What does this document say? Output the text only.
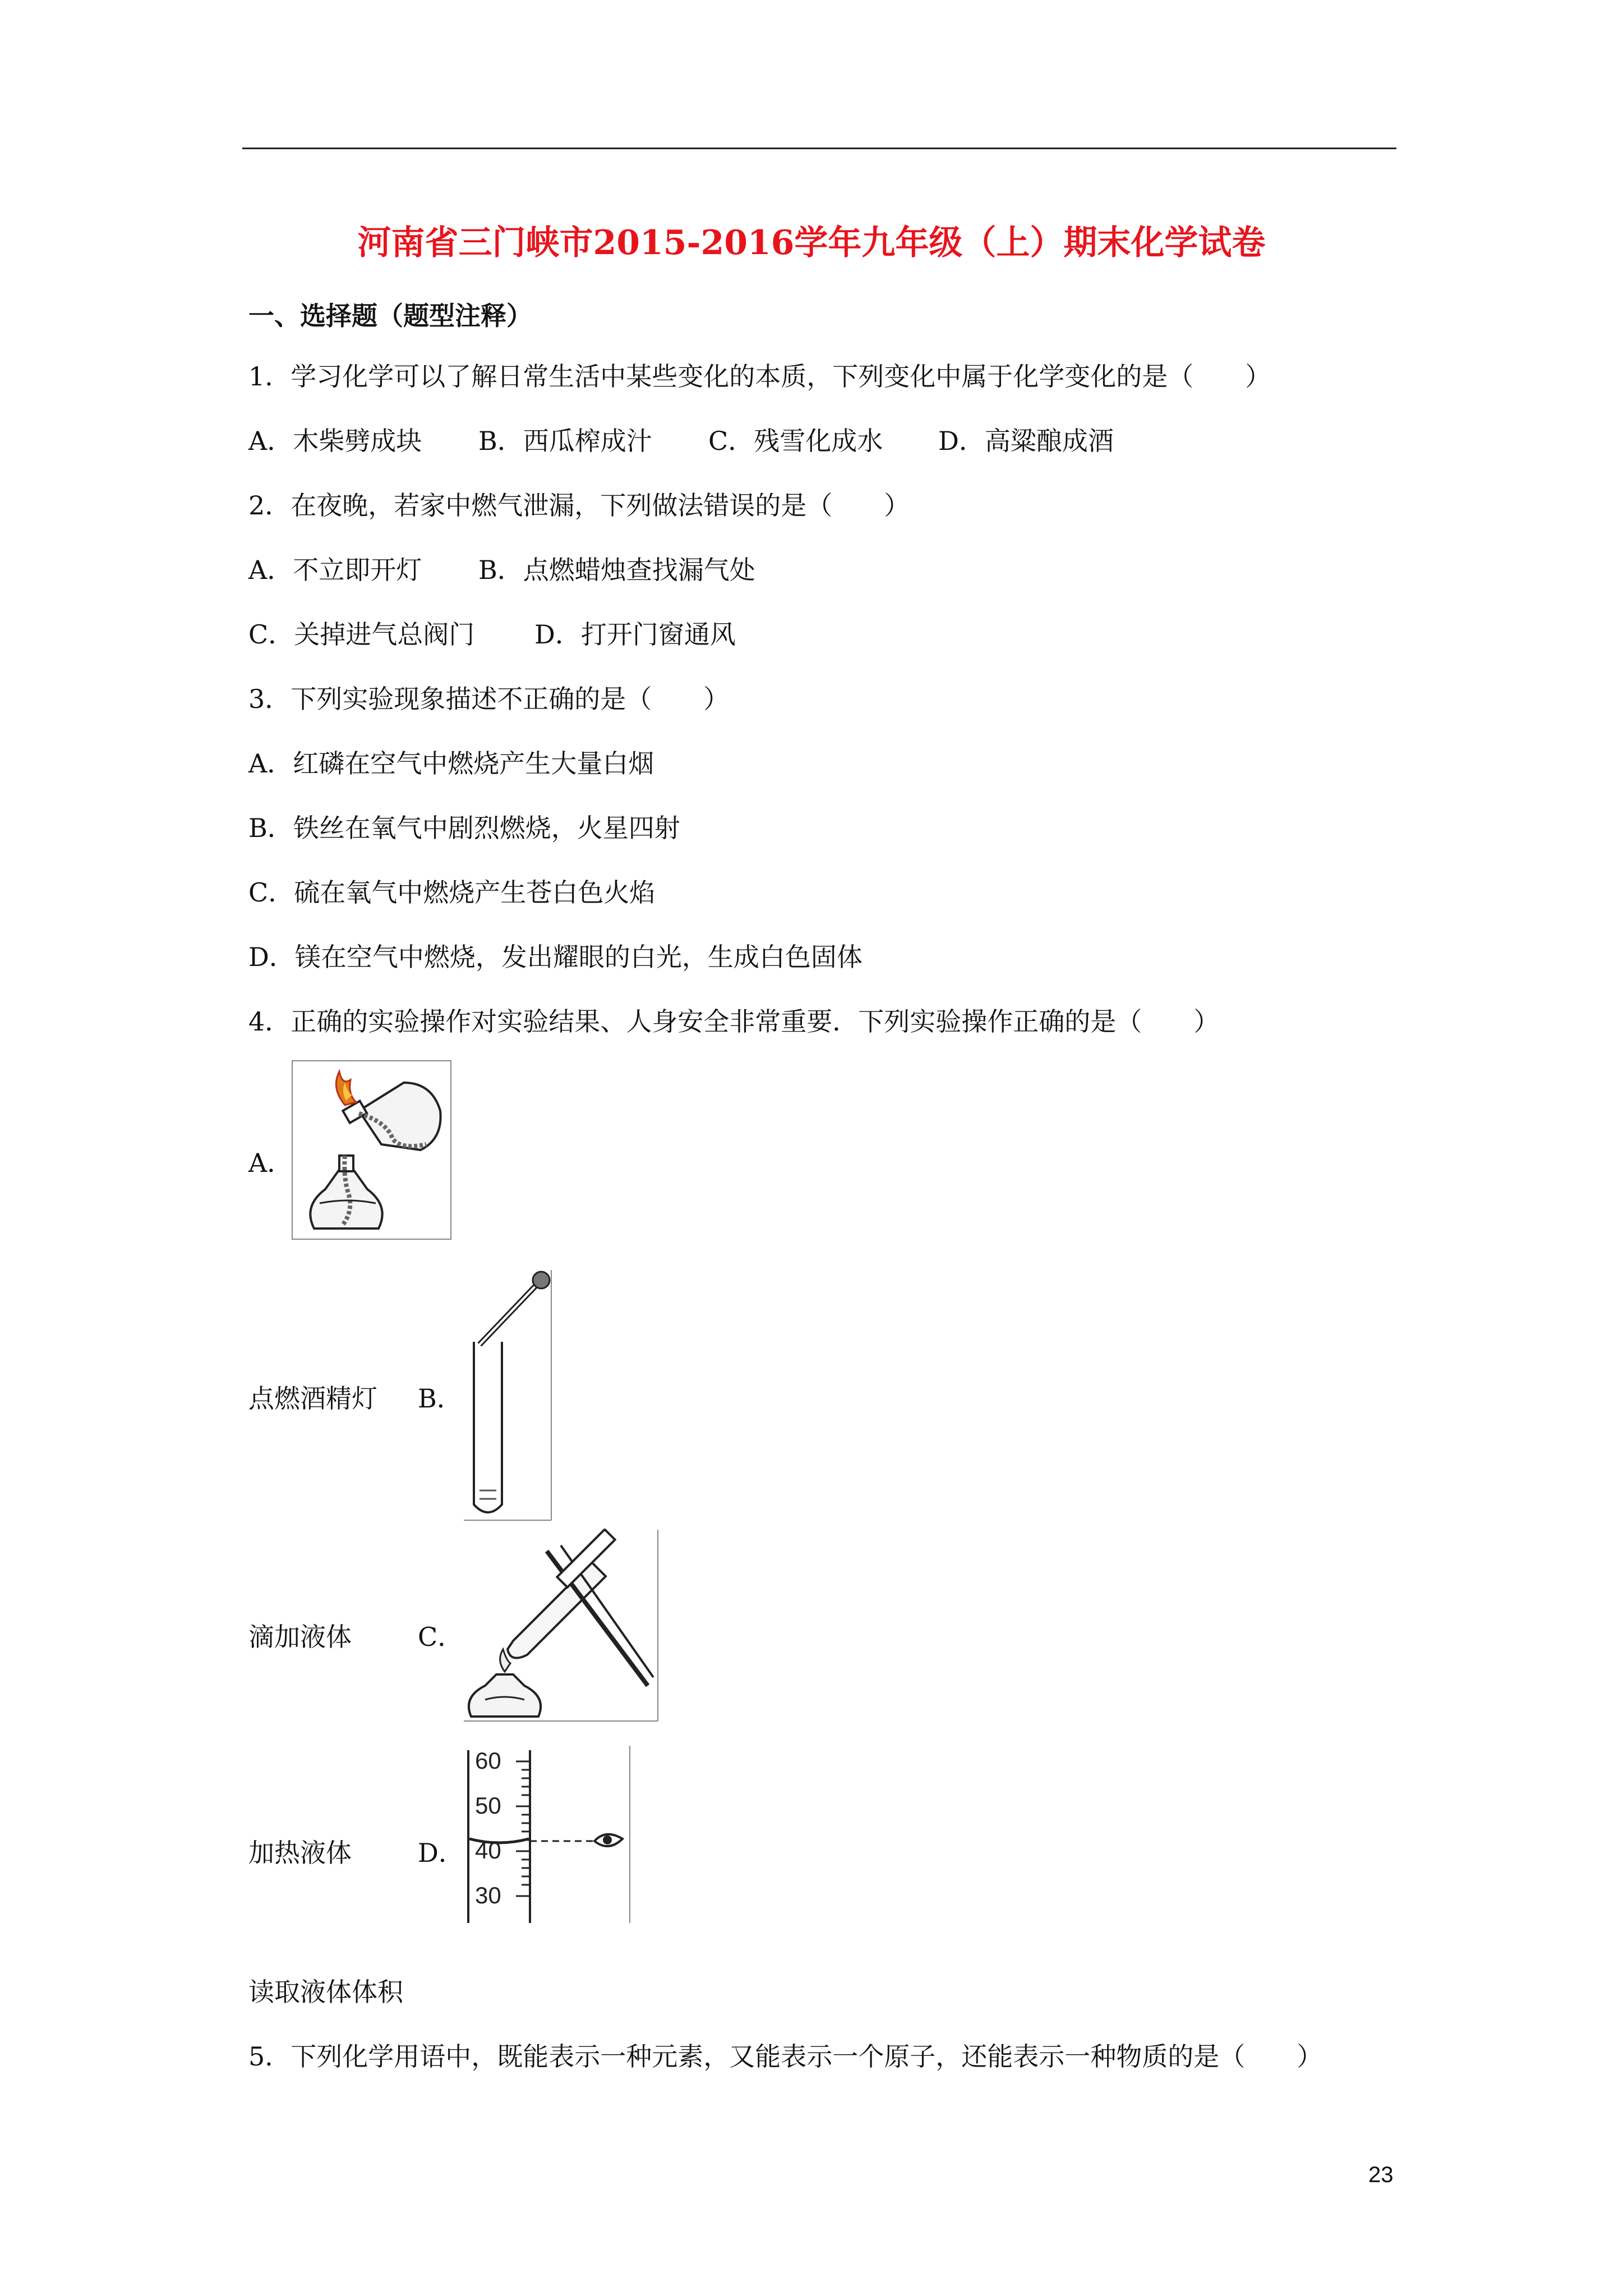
河南省三门峡市2015-2016学年九年级（上）期末化学试卷
一、选择题（题型注释）
1．学习化学可以了解日常生活中某些变化的本质，下列变化中属于化学变化的是（　　）
A．木柴劈成块 B．西瓜榨成汁 C．残雪化成水 D．高粱酿成酒
2．在夜晚，若家中燃气泄漏，下列做法错误的是（　　）
A．不立即开灯 B．点燃蜡烛查找漏气处
C．关掉进气总阀门 D．打开门窗通风
3．下列实验现象描述不正确的是（　　）
A．红磷在空气中燃烧产生大量白烟
B．铁丝在氧气中剧烈燃烧，火星四射
C．硫在氧气中燃烧产生苍白色火焰
D．镁在空气中燃烧，发出耀眼的白光，生成白色固体
4．正确的实验操作对实验结果、人身安全非常重要．下列实验操作正确的是（　　）
A．
点燃酒精灯 B．
滴加液体	C．
加热液体	D．
60
50
40
30
读取液体体积
5．下列化学用语中，既能表示一种元素，又能表示一个原子，还能表示一种物质的是（　　）
23
